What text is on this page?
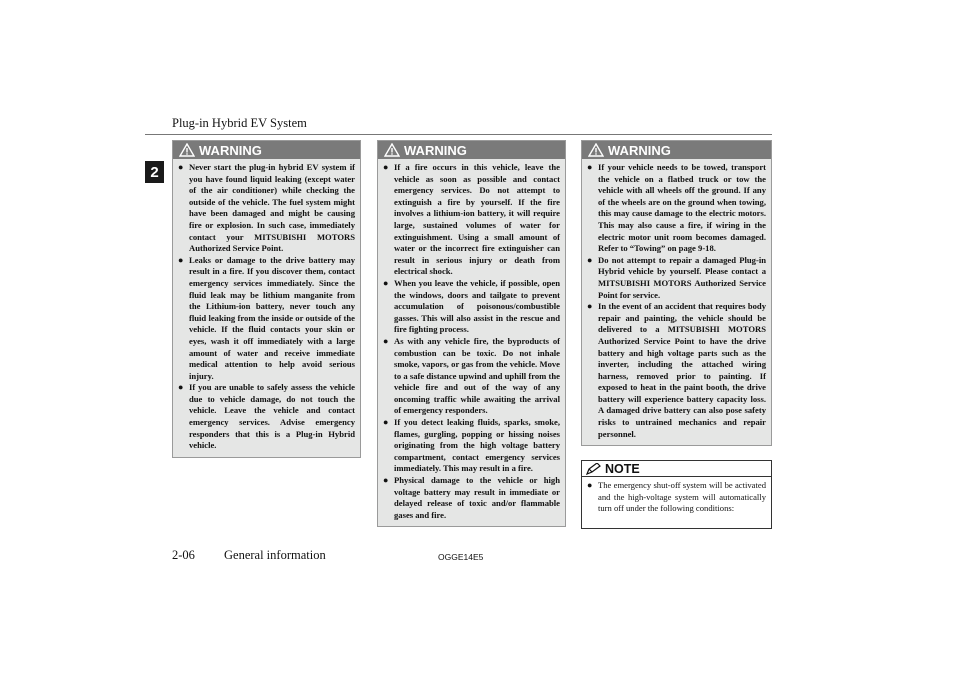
Plug-in Hybrid EV System
2
WARNING
● Never start the plug-in hybrid EV system if you have found liquid leaking (except water of the air conditioner) while checking the outside of the vehicle. The fuel system might have been damaged and might be causing fire or explosion. In such case, immediately contact your MITSUBISHI MOTORS Authorized Service Point.
● Leaks or damage to the drive battery may result in a fire. If you discover them, contact emergency services immediately. Since the fluid leak may be lithium manganite from the Lithium-ion battery, never touch any fluid leaking from the inside or outside of the vehicle. If the fluid contacts your skin or eyes, wash it off immediately with a large amount of water and receive immediate medical attention to help avoid serious injury.
● If you are unable to safely assess the vehicle due to vehicle damage, do not touch the vehicle. Leave the vehicle and contact emergency services. Advise emergency responders that this is a Plug-in Hybrid vehicle.
WARNING
● If a fire occurs in this vehicle, leave the vehicle as soon as possible and contact emergency services. Do not attempt to extinguish a fire by yourself. If the fire involves a lithium-ion battery, it will require large, sustained volumes of water for extinguishment. Using a small amount of water or the incorrect fire extinguisher can result in serious injury or death from electrical shock.
● When you leave the vehicle, if possible, open the windows, doors and tailgate to prevent accumulation of poisonous/combustible gasses. This will also assist in the rescue and fire fighting process.
● As with any vehicle fire, the byproducts of combustion can be toxic. Do not inhale smoke, vapors, or gas from the vehicle. Move to a safe distance upwind and uphill from the vehicle fire and out of the way of any oncoming traffic while awaiting the arrival of emergency responders.
● If you detect leaking fluids, sparks, smoke, flames, gurgling, popping or hissing noises originating from the high voltage battery compartment, contact emergency services immediately. This may result in a fire.
● Physical damage to the vehicle or high voltage battery may result in immediate or delayed release of toxic and/or flammable gases and fire.
WARNING
● If your vehicle needs to be towed, transport the vehicle on a flatbed truck or tow the vehicle with all wheels off the ground. If any of the wheels are on the ground when towing, this may cause damage to the electric motors. This may also cause a fire, if wiring in the electric motor unit room becomes damaged. Refer to “Towing” on page 9-18.
● Do not attempt to repair a damaged Plug-in Hybrid vehicle by yourself. Please contact a MITSUBISHI MOTORS Authorized Service Point for service.
● In the event of an accident that requires body repair and painting, the vehicle should be delivered to a MITSUBISHI MOTORS Authorized Service Point to have the drive battery and high voltage parts such as the inverter, including the attached wiring harness, removed prior to painting. If exposed to heat in the paint booth, the drive battery will experience battery capacity loss. A damaged drive battery can also pose safety risks to untrained mechanics and repair personnel.
NOTE
● The emergency shut-off system will be activated and the high-voltage system will automatically turn off under the following conditions:
2-06 General information	OGGE14E5
